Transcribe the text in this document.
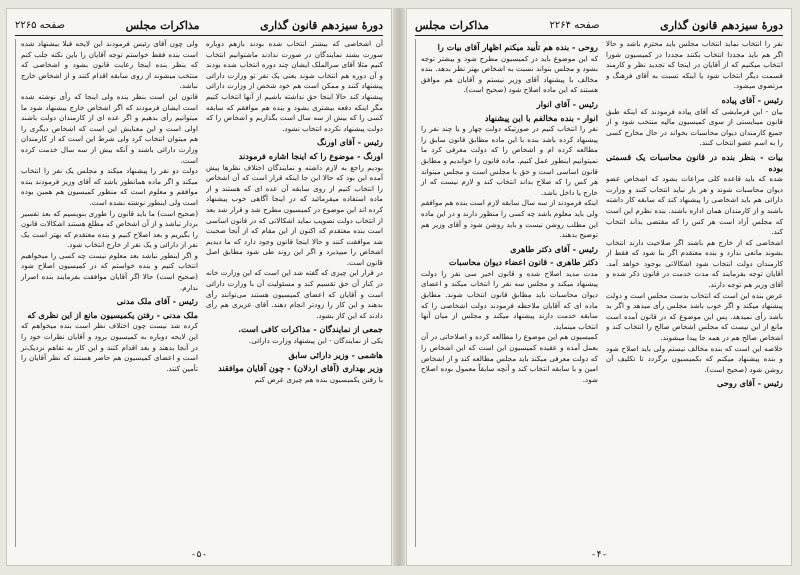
دورهٔ سیزدهم قانون گذاری
مذاکرات مجلس
صفحه ۲۲۶۵

آن اشخاصی که بیشتر انتخاب شده بودند بازهم دوباره سورت بشند نمایندگان در صورت ندادند ماشتوانیم انتخاب کنیم مثلا آقای سرالملک ایشان چند دوره انتخاب شده بودند و آن دوره هم انتخاب شوند یعنی یک نفر تو وزارت دارائی پیشنهاد کنند و ممکن است هم خود شخص از وزارت دارائی پیشنهاد کند حالا اینجا حق نداشته باشیم از آنها انتخاب کنیم مگر اینکه دفعه بیشتری بشود و بنده هم موافقم که سابقه کسی را که بیش از سه سال است بگذاریم و اشخاص را که دولت پیشنهاد نکرده انتخاب نشود.

رئیس - آقای اورنگ
اورنگ - موضوع را که اینجا اشاره فرمودند

بودیم راجع به لازم داشته و نمایندگان اختلاف نظرها پیش آمده این بود که حالا این جا اینکه قرار است که آن اشخاص را انتخاب کنیم از روی سابقه آن عده ای که هستند و از ماده استفاده میفرمائید که در اینجا آگاهی خوب پیشنهاد کرده اند این موضوع در کمیسیون مطرح شد و قرار شد بعد از انتخاب دولت تصویب نماید اشکالاتی که در قانون اساسی است بنده معتقدم که اکنون از این مقام که از آنجا صحبت شد موافقت کنند و حالا اینجا قانون وجود دارد که ما دیدیم اشخاص را میپذیرد و اگر این روند طی شود مطابق اصل قانون است.

در قرار این چیزی که گفته شد این است که این وزارت خانه در کنار آن حق تقسیم کند و مسئولیت آن با وزارت دارائی است و آقایان که اعضای کمیسیون هستند می‌توانند رأی بدهند و این کار را زودتر انجام دهند. آقای عزیزی هم رأی دادند که این کار بشود.

جمعی از نمایندگان - مذاکرات کافی است.

یکی از نمایندگان - این پیشنهاد وزارت دارائی.

هاشمی - وزیر دارائی سابق
وزیر بهداری (آقای اردلان) - چون آقایان موافقند

با رفتن یکمیسیون بنده هم چیزی عرض کنم

ولی چون آقای رئیس فرمودند این لایحه قبلا بیشنهاد شده است بنده فقط خواستم توجه آقایان را باین نکته جلب کنم که بنظر بنده اینجا رعایت قانون بشود و اشخاصی که منتخب میشوند از روی سابقه اقدام کنند و از اشخاص خارج نباشد.

قانون این است بنظر بنده ولی اینجا که رأی نوشته شده است ایشان فرمودند که اگر اشخاص خارج بیشنهاد شود ما میتوانیم رأی بدهیم و اگر عده ای از کارمندان دولت باشند اولی است و این معنایش این است که اشخاص دیگری را هم میتوان انتخاب کرد ولی شرط این است که از کارمندان وزارت دارائی باشند و آنکه بیش از سه سال خدمت کرده است.

دولت دو نفر را پیشنهاد میکند و مجلس یک نفر را انتخاب میکند و اگر ماده همانطور باشد که آقای وزیر فرمودند بنده موافقم و معلوم است که منظور کمیسیون هم همین بوده است ولی اینطور نوشته نشده است.

(صحیح است) ما باید قانون را طوری بنویسیم که بعد تفسیر بردار نباشد و از آن اشخاص که مطلع هستند اشکالات قانون را بگیریم و بعد اصلاح کنیم و بنده معتقدم که بهتر است یک نفر از دارائی و یک نفر از خارج انتخاب شود.

و اگر اینطور نباشد بعد معلوم نیست چه کسی را میخواهیم انتخاب کنیم و بنده خواستم که در کمیسیون اصلاح شود (صحیح است) حالا اگر آقایان موافقت بفرمایند بنده اصرار ندارم.

رئیس - آقای ملک مدنی
ملک مدنی - رفتن یکمیسیون مانع از این نظری که

کرده شد نیست چون اختلاف نظر است بنده میخواهم که این لایحه دوباره به کمیسیون برود و آقایان نظرات خود را در آنجا بدهند و بعد اقدام کنند و این کار به تفاهم نزدیک‌تر است و اعضای کمیسیون هم حاضر هستند که نظر آقایان را تأمین کنند.

-۵-
دورهٔ سیزدهم قانون گذاری
صفحه ۲۲۶۴
مذاکرات مجلس

نفر را انتخاب نماید انتخاب مجلس باید محترم باشد و حالا اگر هم باید مجددا انتخاب بکنند مجددا در کمیسیون شورا انتخاب میکنیم که از آقایان در اینجا که تجدید نظر و کارمند قسمت دیگر انتخاب شود یا اینکه نسبت به آقای فرهنگ و مرتضوی میشود.

رئیس - آقای پیاده

بیان - این فرمایشی که آقای پیاده فرمودند که اینکه طبق قانون میبایستی از سوی کمیسیون مالیه منتخب شود و از جمیع کارمندان دیوان محاسبات بخواند در حال مخارج کسی را به اسم عضو انتخاب کنند.

بیات - بنظر بنده در قانون محاسبات یک قسمتی بوده

شده که باید قاعده کلی مراعات بشود که اشخاص عضو دیوان محاسبات شوند و هر بار نباید انتخاب کنند و وزارت دارائی هم باید اشخاصی را پیشنهاد کند که سابقه کار داشته باشند و از کارمندان همان اداره باشند. بنده نظرم این است که مجلس آزاد است هر کس را که مقتضی بداند انتخاب کند.

اشخاصی که از خارج هم باشند اگر صلاحیت دارند انتخاب بشوند مانعی ندارد و بنده معتقدم اگر بنا شود که فقط از کارمندان دولت انتخاب شود اشکالاتی بوجود خواهد آمد. آقایان توجه بفرمایند که مدت خدمت در قانون ذکر شده و آقای وزیر هم توجه دارند.

عرض بنده این است که انتخاب بدست مجلس است و دولت پیشنهاد میکند و اگر خوب باشد مجلس رأی میدهد و اگر بد باشد رأی نمیدهد. پس این موضوع که در قانون آمده است مانع از این نیست که مجلس اشخاص صالح را انتخاب کند و اشخاص صالح هم در همه جا پیدا میشوند.

خلاصه این است که بنده مخالف نیستم ولی باید اصلاح شود و بنده پیشنهاد میکنم که بکمیسیون برگردد تا تکلیف آن روشن شود (صحیح است).

رئیس - آقای روحی
روحی - بنده هم تأیید میکنم اظهار آقای بیات را

که این موضوع باید در کمیسیون مطرح شود و بیشتر توجه بشود و مجلس بتواند نسبت به اشخاص بهتر نظر بدهد. بنده مخالف با پیشنهاد آقای وزیر نیستم و آقایان هم موافق هستند که این ماده اصلاح شود (صحیح است).

رئیس - آقای انوار
انوار - بنده مخالفم با این پیشنهاد

نفر را انتخاب کنیم در صورتیکه دولت چهار و یا چند نفر را پیشنهاد کرده باشد بنده با این ماده مطابق قانون سابق را مطالعه کرده ام و اشخاص را که دولت معرفی کرد ما نمیتوانیم اینطور عمل کنیم. ماده قانون را خواندیم و مطابق قانون اساسی است و حق با مجلس است و مجلس میتواند هر کس را که صلاح بداند انتخاب کند و لازم نیست که از خارج یا داخل باشد.

اینکه فرمودند از سه سال سابقه لازم است بنده هم موافقم ولی باید معلوم باشد چه کسی را منظور دارند و در این ماده این مطلب روشن نیست و باید روشن شود و آقای وزیر هم توضیح بدهند.

رئیس - آقای دکتر طاهری
دکتر طاهری - قانون اعضاء دیوان محاسبات

مدت مدید اصلاح شده و قانون اخیر سی نفر را دولت پیشنهاد میکند و مجلس سه نفر را انتخاب میکند و اعضای دیوان محاسبات باید مطابق قانون انتخاب شوند. مطابق ماده ای که آقایان ملاحظه فرمودند دولت اشخاصی را که سابقه خدمت دارند پیشنهاد میکند و مجلس از میان آنها انتخاب مینماید.

کمیسیون هم این موضوع را مطالعه کرده و اصلاحاتی در آن بعمل آمده و عقیده کمیسیون این است که این اشخاص را که دولت معرفی میکند باید مجلس مطالعه کند و از اشخاص امین و با سابقه انتخاب کند و آنچه سابقاً معمول بوده اصلاح شود.

-۴-
